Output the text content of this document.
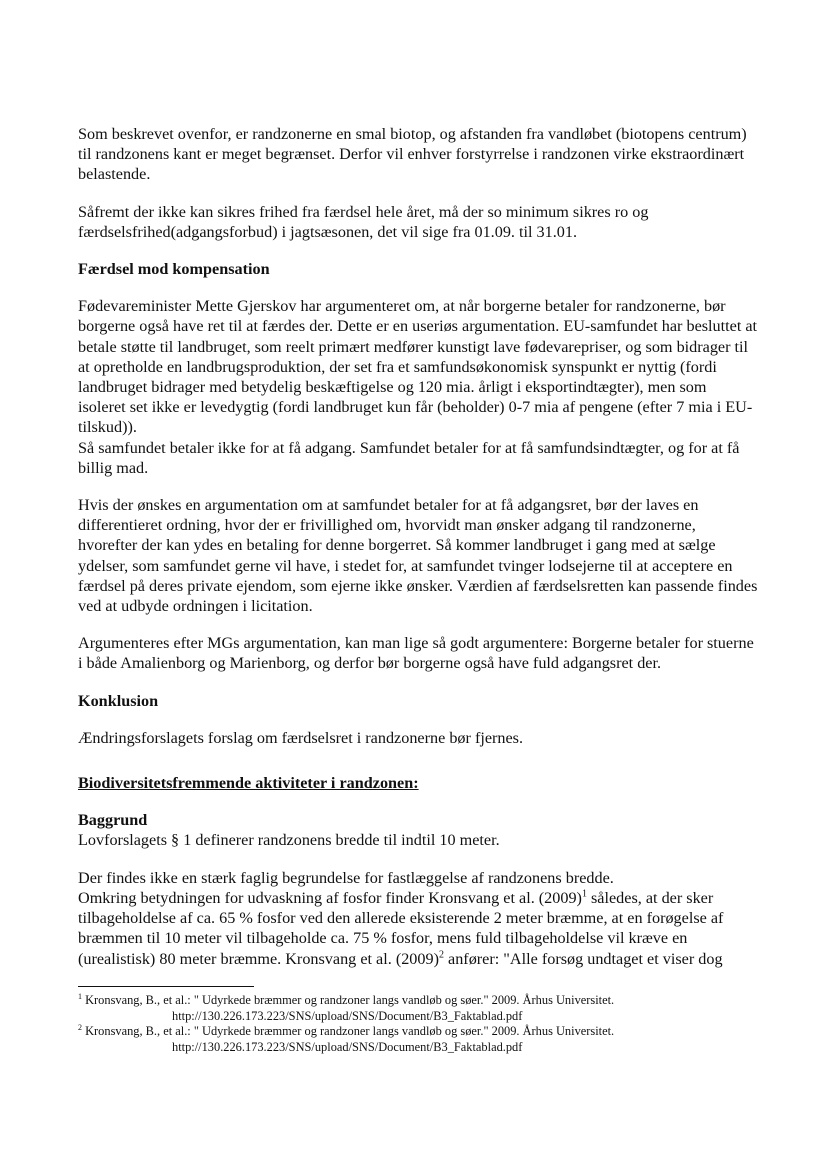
Som beskrevet ovenfor, er randzonerne en smal biotop, og afstanden fra vandløbet (biotopens centrum) til randzonens kant er meget begrænset. Derfor vil enhver forstyrrelse i randzonen virke ekstraordinært belastende.

Såfremt der ikke kan sikres frihed fra færdsel hele året, må der so minimum sikres ro og færdselsfrihed(adgangsforbud) i jagtsæsonen, det vil sige fra 01.09. til 31.01.

Færdsel mod kompensation

Fødevareminister Mette Gjerskov har argumenteret om, at når borgerne betaler for randzonerne, bør borgerne også have ret til at færdes der. Dette er en useriøs argumentation. EU-samfundet har besluttet at betale støtte til landbruget, som reelt primært medfører kunstigt lave fødevarepriser, og som bidrager til at opretholde en landbrugsproduktion, der set fra et samfundsøkonomisk synspunkt er nyttig (fordi landbruget bidrager med betydelig beskæftigelse og 120 mia. årligt i eksportindtægter), men som isoleret set ikke er levedygtig (fordi landbruget kun får (beholder) 0-7 mia af pengene (efter 7 mia i EU-tilskud)).

Så samfundet betaler ikke for at få adgang. Samfundet betaler for at få samfundsindtægter, og for at få billig mad.

Hvis der ønskes en argumentation om at samfundet betaler for at få adgangsret, bør der laves en differentieret ordning, hvor der er frivillighed om, hvorvidt man ønsker adgang til randzonerne, hvorefter der kan ydes en betaling for denne borgerret. Så kommer landbruget i gang med at sælge ydelser, som samfundet gerne vil have, i stedet for, at samfundet tvinger lodsejerne til at acceptere en færdsel på deres private ejendom, som ejerne ikke ønsker. Værdien af færdselsretten kan passende findes ved at udbyde ordningen i licitation.

Argumenteres efter MGs argumentation, kan man lige så godt argumentere: Borgerne betaler for stuerne i både Amalienborg og Marienborg, og derfor bør borgerne også have fuld adgangsret der.

Konklusion

Ændringsforslagets forslag om færdselsret i randzonerne bør fjernes.

Biodiversitetsfremmende aktiviteter i randzonen:

Baggrund

Lovforslagets § 1 definerer randzonens bredde til indtil 10 meter.

Der findes ikke en stærk faglig begrundelse for fastlæggelse af randzonens bredde.

Omkring betydningen for udvaskning af fosfor finder Kronsvang et al. $(2009)^1$ således, at der sker tilbageholdelse af ca. 65 % fosfor ved den allerede eksisterende 2 meter bræmme, at en forøgelse af bræmmen til 10 meter vil tilbageholde ca. 75 % fosfor, mens fuld tilbageholdelse vil kræve en (urealistisk) 80 meter bræmme. Kronsvang et al. $(2009)^2$ anfører: "Alle forsøg undtaget et viser dog

$^1$ Kronsvang, B., et al.: " Udyrkede bræmmer og randzoner langs vandløb og søer." 2009. Århus Universitet.

http://130.226.173.223/SNS/upload/SNS/Document/B3_Faktablad.pdf

$^2$ Kronsvang, B., et al.: " Udyrkede bræmmer og randzoner langs vandløb og søer." 2009. Århus Universitet.

http://130.226.173.223/SNS/upload/SNS/Document/B3_Faktablad.pdf
